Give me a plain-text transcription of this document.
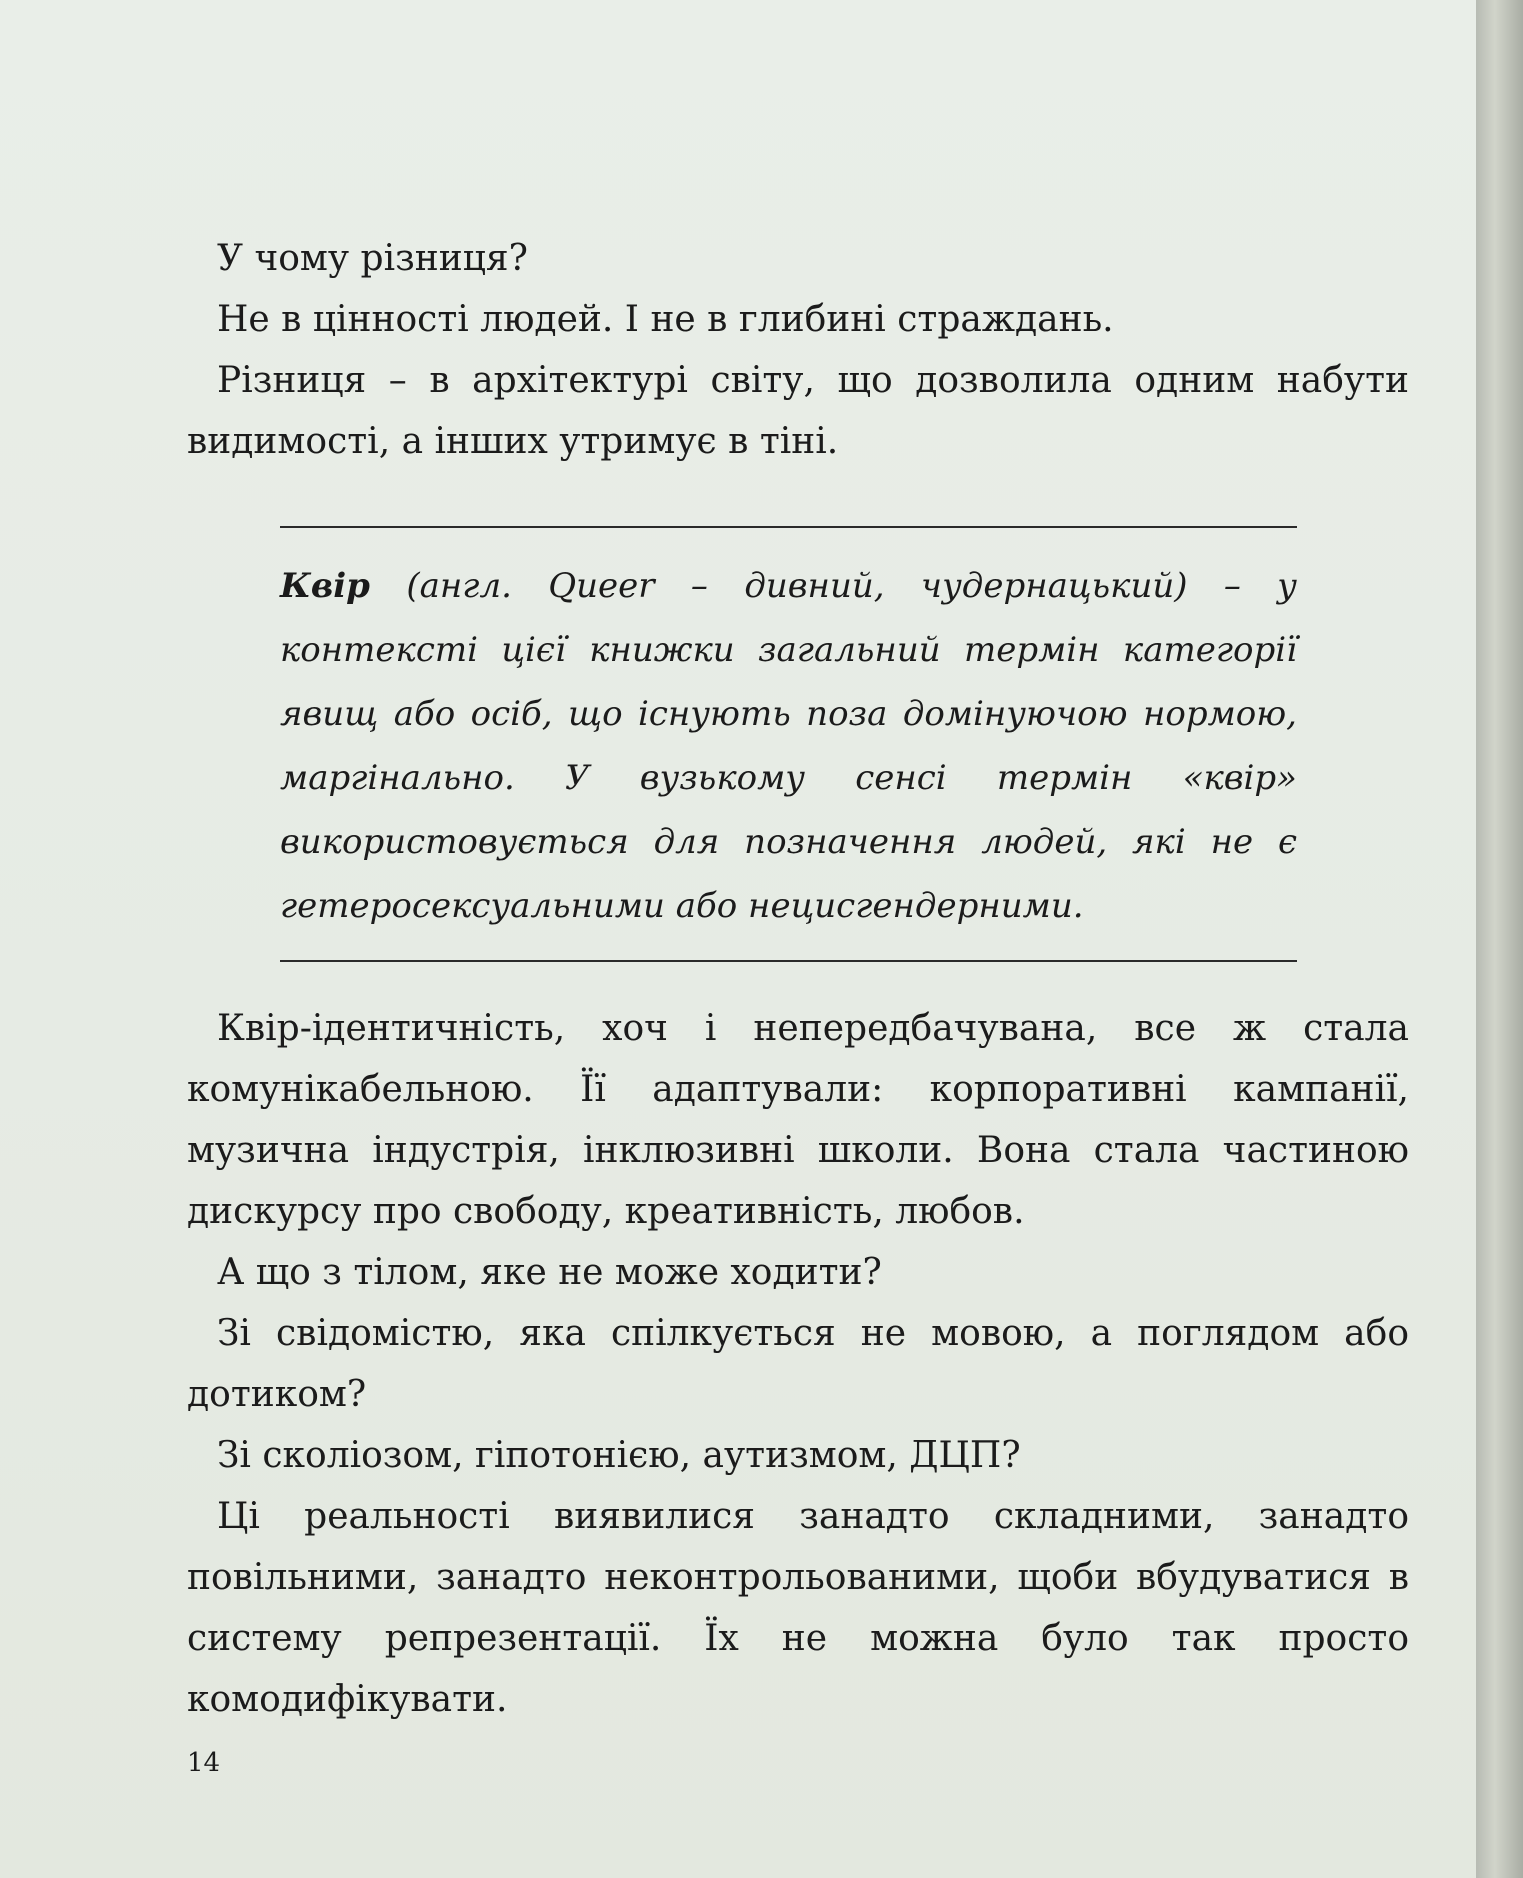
У чому різниця?

Не в цінності людей. І не в глибині страждань.

Різниця – в архітектурі світу, що дозволила одним набути видимості, а інших утримує в тіні.

Квір (англ. Queer – дивний, чудернацький) – у контексті цієї книжки загальний термін категорії явищ або осіб, що існують поза домінуючою нормою, маргінально. У вузькому сенсі термін «квір» використовується для позначення людей, які не є гетеросексуальними або нецисгендерними.

Квір-ідентичність, хоч і непередбачувана, все ж стала комунікабельною. Її адаптували: корпоративні кампанії, музична індустрія, інклюзивні школи. Вона стала частиною дискурсу про свободу, креативність, любов.

А що з тілом, яке не може ходити?

Зі свідомістю, яка спілкується не мовою, а поглядом або дотиком?

Зі сколіозом, гіпотонією, аутизмом, ДЦП?

Ці реальності виявилися занадто складними, занадто повільними, занадто неконтрольованими, щоби вбудуватися в систему репрезентації. Їх не можна було так просто комодифікувати.

14
